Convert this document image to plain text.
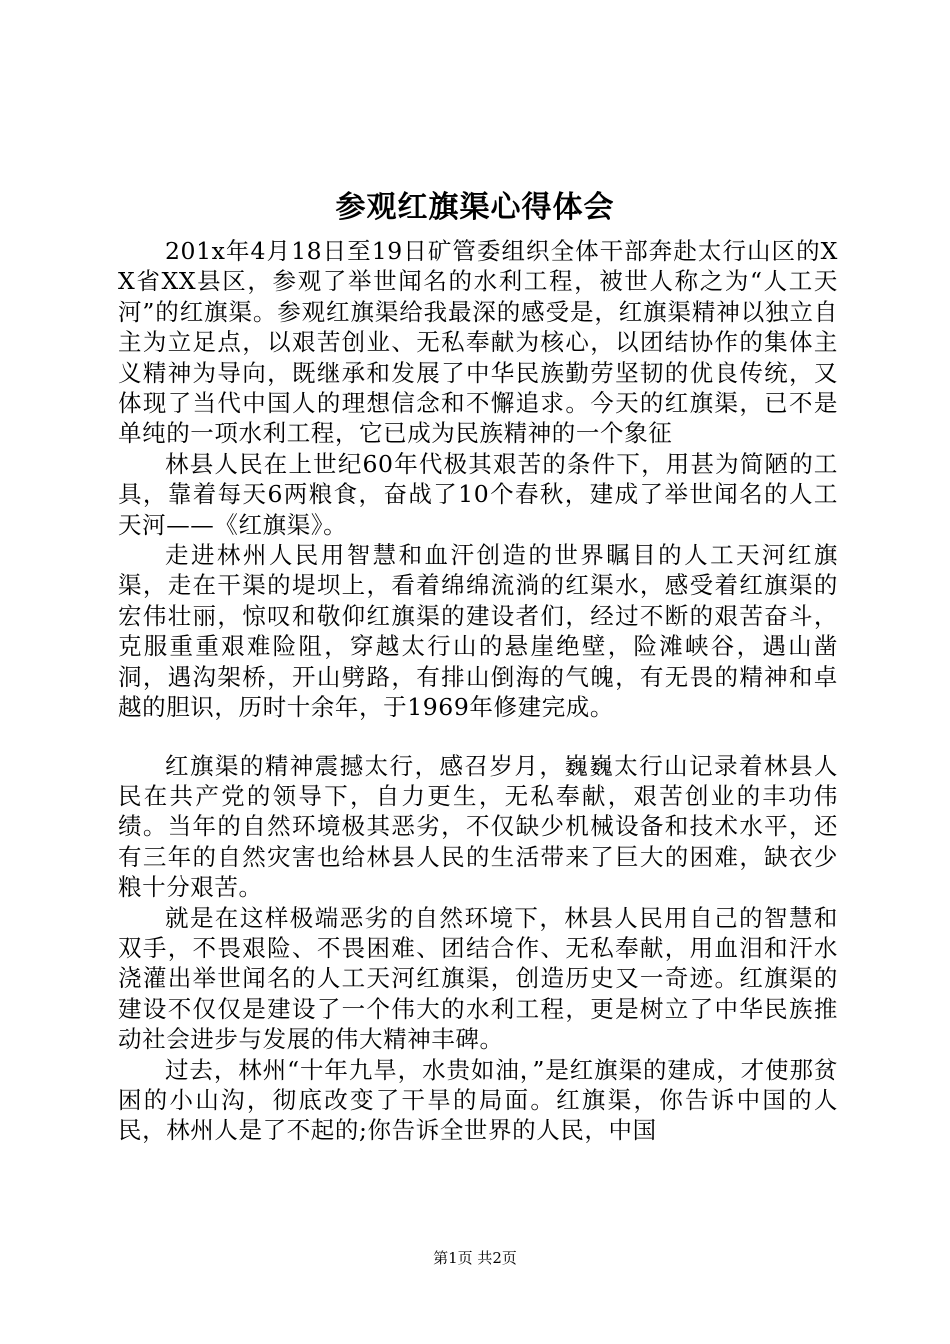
参观红旗渠心得体会

201x年4月18日至19日矿管委组织全体干部奔赴太行山区的XX省XX县区，参观了举世闻名的水利工程，被世人称之为“人工天河”的红旗渠。参观红旗渠给我最深的感受是，红旗渠精神以独立自主为立足点，以艰苦创业、无私奉献为核心，以团结协作的集体主义精神为导向，既继承和发展了中华民族勤劳坚韧的优良传统，又体现了当代中国人的理想信念和不懈追求。今天的红旗渠，已不是单纯的一项水利工程，它已成为民族精神的一个象征

林县人民在上世纪60年代极其艰苦的条件下，用甚为简陋的工具，靠着每天6两粮食，奋战了10个春秋，建成了举世闻名的人工天河——《红旗渠》。

走进林州人民用智慧和血汗创造的世界瞩目的人工天河红旗渠，走在干渠的堤坝上，看着绵绵流淌的红渠水，感受着红旗渠的宏伟壮丽，惊叹和敬仰红旗渠的建设者们，经过不断的艰苦奋斗，克服重重艰难险阻，穿越太行山的悬崖绝壁，险滩峡谷，遇山凿洞，遇沟架桥，开山劈路，有排山倒海的气魄，有无畏的精神和卓越的胆识，历时十余年，于1969年修建完成。

红旗渠的精神震撼太行，感召岁月，巍巍太行山记录着林县人民在共产党的领导下，自力更生，无私奉献，艰苦创业的丰功伟绩。当年的自然环境极其恶劣，不仅缺少机械设备和技术水平，还有三年的自然灾害也给林县人民的生活带来了巨大的困难，缺衣少粮十分艰苦。

就是在这样极端恶劣的自然环境下，林县人民用自己的智慧和双手，不畏艰险、不畏困难、团结合作、无私奉献，用血泪和汗水浇灌出举世闻名的人工天河红旗渠，创造历史又一奇迹。红旗渠的建设不仅仅是建设了一个伟大的水利工程，更是树立了中华民族推动社会进步与发展的伟大精神丰碑。

过去，林州“十年九旱，水贵如油，”是红旗渠的建成，才使那贫困的小山沟，彻底改变了干旱的局面。红旗渠，你告诉中国的人民，林州人是了不起的;你告诉全世界的人民，中国

第1页 共2页
